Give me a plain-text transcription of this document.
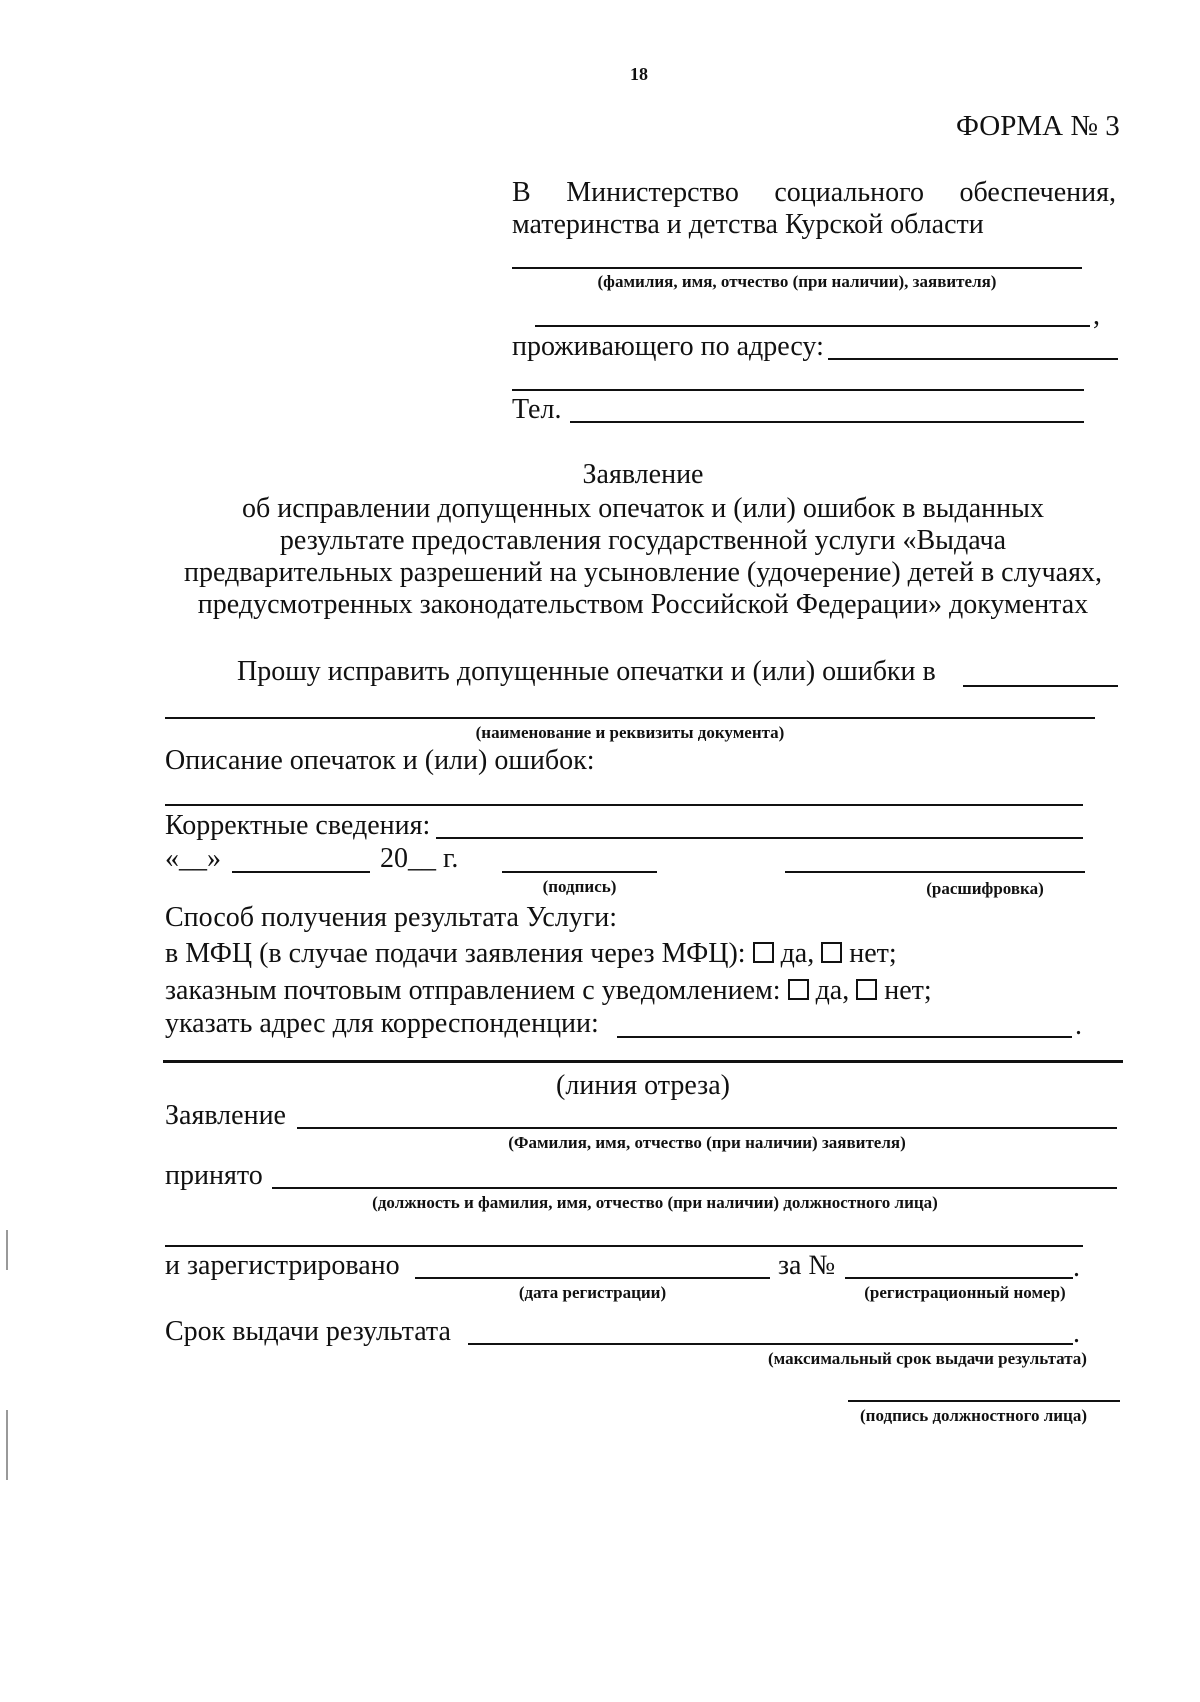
18
ФОРМА № 3
В Министерство социального обеспечения,
материнства и детства Курской области
(фамилия, имя, отчество (при наличии), заявителя)
,
проживающего по адресу:
Тел.
Заявление
об исправлении допущенных опечаток и (или) ошибок в выданных
результате предоставления государственной услуги «Выдача
предварительных разрешений на усыновление (удочерение) детей в случаях,
предусмотренных законодательством Российской Федерации» документах
Прошу исправить допущенные опечатки и (или) ошибки в
(наименование и реквизиты документа)
Описание опечаток и (или) ошибок:
Корректные сведения:
«__»	20__ г.
(подпись)	(расшифровка)
Способ получения результата Услуги:
в МФЦ (в случае подачи заявления через МФЦ): да, нет;
заказным почтовым отправлением с уведомлением: да, нет;
указать адрес для корреспонденции:	.
(линия отреза)
Заявление
(Фамилия, имя, отчество (при наличии) заявителя)
принято
(должность и фамилия, имя, отчество (при наличии) должностного лица)
и зарегистрировано	за №	.
(дата регистрации)	(регистрационный номер)
Срок выдачи результата	.
(максимальный срок выдачи результата)
(подпись должностного лица)
